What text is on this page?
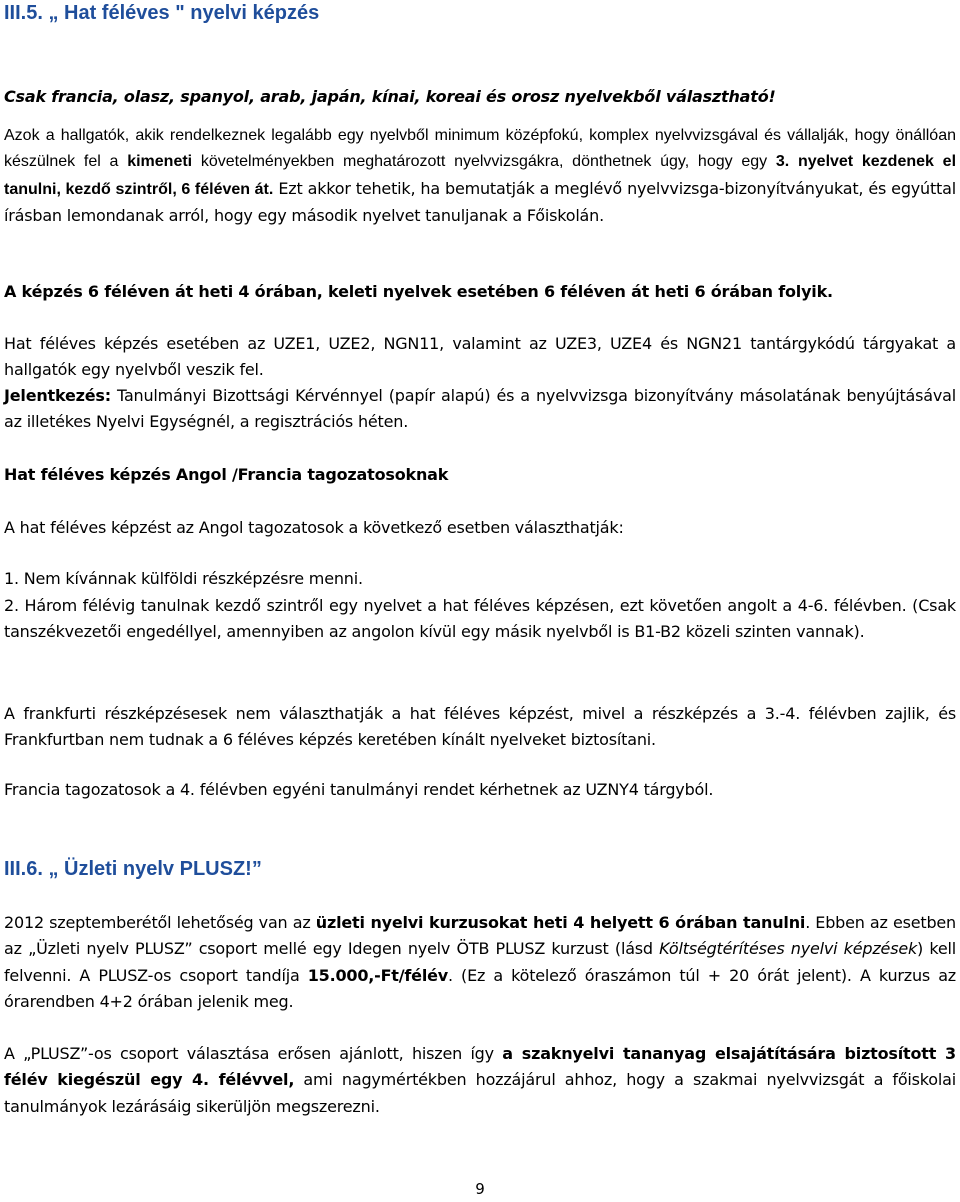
III.5. „ Hat féléves " nyelvi képzés

Csak francia, olasz, spanyol, arab, japán, kínai, koreai és orosz nyelvekből választható!

Azok a hallgatók, akik rendelkeznek legalább egy nyelvből minimum középfokú, komplex nyelvvizsgával és vállalják, hogy önállóan készülnek fel a kimeneti követelményekben meghatározott nyelvvizsgákra, dönthetnek úgy, hogy egy 3. nyelvet kezdenek el tanulni, kezdő szintről, 6 féléven át. Ezt akkor tehetik, ha bemutatják a meglévő nyelvvizsga-bizonyítványukat, és egyúttal írásban lemondanak arról, hogy egy második nyelvet tanuljanak a Főiskolán.

A képzés 6 féléven át heti 4 órában, keleti nyelvek esetében 6 féléven át heti 6 órában folyik.

Hat féléves képzés esetében az UZE1, UZE2, NGN11, valamint az UZE3, UZE4 és NGN21 tantárgykódú tárgyakat a hallgatók egy nyelvből veszik fel.

Jelentkezés: Tanulmányi Bizottsági Kérvénnyel (papír alapú) és a nyelvvizsga bizonyítvány másolatának benyújtásával az illetékes Nyelvi Egységnél, a regisztrációs héten.

Hat féléves képzés Angol /Francia tagozatosoknak

A hat féléves képzést az Angol tagozatosok a következő esetben választhatják:

1. Nem kívánnak külföldi részképzésre menni.

2. Három félévig tanulnak kezdő szintről egy nyelvet a hat féléves képzésen, ezt követően angolt a 4-6. félévben. (Csak tanszékvezetői engedéllyel, amennyiben az angolon kívül egy másik nyelvből is B1-B2 közeli szinten vannak).

A frankfurti részképzésesek nem választhatják a hat féléves képzést, mivel a részképzés a 3.-4. félévben zajlik, és Frankfurtban nem tudnak a 6 féléves képzés keretében kínált nyelveket biztosítani.

Francia tagozatosok a 4. félévben egyéni tanulmányi rendet kérhetnek az UZNY4 tárgyból.

III.6. „ Üzleti nyelv PLUSZ!”

2012 szeptemberétől lehetőség van az üzleti nyelvi kurzusokat heti 4 helyett 6 órában tanulni. Ebben az esetben az „Üzleti nyelv PLUSZ” csoport mellé egy Idegen nyelv ÖTB PLUSZ kurzust (lásd Költségtérítéses nyelvi képzések) kell felvenni. A PLUSZ-os csoport tandíja 15.000,-Ft/félév. (Ez a kötelező óraszámon túl + 20 órát jelent). A kurzus az órarendben 4+2 órában jelenik meg.

A „PLUSZ”-os csoport választása erősen ajánlott, hiszen így a szaknyelvi tananyag elsajátítására biztosított 3 félév kiegészül egy 4. félévvel, ami nagymértékben hozzájárul ahhoz, hogy a szakmai nyelvvizsgát a főiskolai tanulmányok lezárásáig sikerüljön megszerezni.

9
